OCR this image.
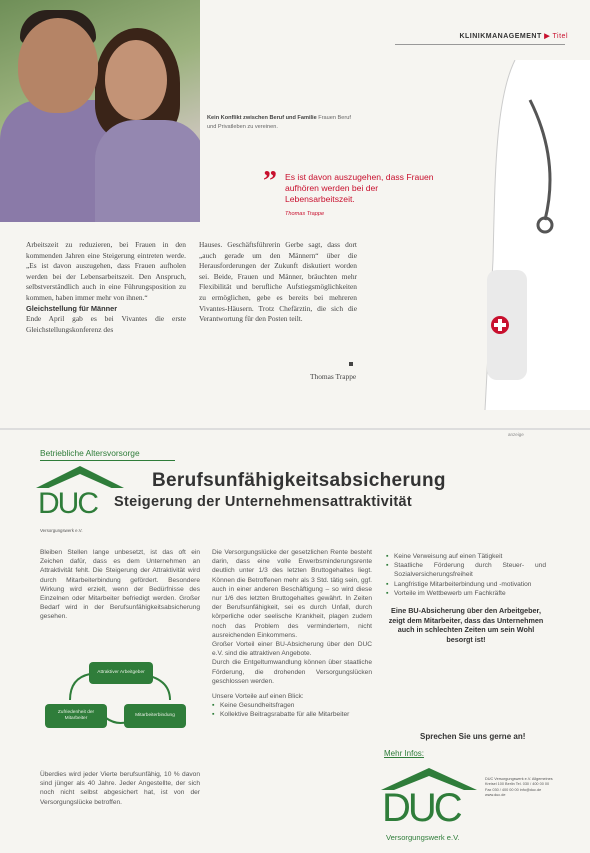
KLINIKMANAGEMENT ▶ Titel
Kein Konflikt zwischen Beruf und Familie Frauen Beruf und Privatleben zu vereinen.
” Es ist davon auszugehen, dass Frauen aufhören werden bei der Lebensarbeitszeit.
Thomas Trappe
Arbeitszeit zu reduzieren, bei Frauen in den kommenden Jahren eine Steigerung eintreten werde. „Es ist davon auszugehen, dass Frauen aufholen werden bei der Lebensarbeitszeit. Den Anspruch, selbstverständlich auch in eine Führungsposition zu kommen, haben immer mehr von ihnen.“
Gleichstellung für Männer
Ende April gab es bei Vivantes die erste Gleichstellungskonferenz des
Hauses. Geschäftsführerin Gerbe sagt, dass dort „auch gerade um den Männern“ über die Herausforderungen der Zukunft diskutiert worden sei. Beide, Frauen und Männer, bräuchten mehr Flexibilität und berufliche Aufstiegsmöglichkeiten zu ermöglichen, gebe es bereits bei mehreren Vivantes-Häusern. Trotz Chefärztin, die sich die Verantwortung für den Posten teilt.
Thomas Trappe
anzeige
Betriebliche Altersvorsorge
DUC
Versorgungswerk e.V.
Berufsunfähigkeitsabsicherung
Steigerung der Unternehmensattraktivität
Bleiben Stellen lange unbesetzt, ist das oft ein Zeichen dafür, dass es dem Unternehmen an Attraktivität fehlt. Die Steigerung der Attraktivität wird durch Mitarbeiterbindung gefördert. Besondere Wirkung wird erzielt, wenn der Bedürfnisse des Einzelnen oder Mitarbeiter befriedigt werden. Großer Bedarf wird in der Berufsunfähigkeitsabsicherung gesehen.
Attraktiver Arbeitgeber
Zufriedenheit der Mitarbeiter
Mitarbeiterbindung
Überdies wird jeder Vierte berufsunfähig, 10 % davon sind jünger als 40 Jahre. Jeder Angestellte, der sich noch nicht selbst abgesichert hat, ist von der Versorgungslücke betroffen.
Die Versorgungslücke der gesetzlichen Rente besteht darin, dass eine volle Erwerbsminderungsrente deutlich unter 1/3 des letzten Bruttogehaltes liegt. Können die Betroffenen mehr als 3 Std. tätig sein, ggf. auch in einer anderen Beschäftigung – so wird diese nur 1/6 des letzten Bruttogehaltes gewährt. In Zeiten der Berufsunfähigkeit, sei es durch Unfall, durch körperliche oder seelische Krankheit, plagen zudem noch das Problem des vermindertem, nicht ausreichenden Einkommens.
Großer Vorteil einer BU-Absicherung über den DUC e.V. sind die attraktiven Angebote.
Durch die Entgeltumwandlung können über staatliche Förderung, die drohenden Versorgungslücken geschlossen werden.
Unsere Vorteile auf einen Blick:
▪ Keine Gesundheitsfragen
▪ Kollektive Beitragsrabatte für alle Mitarbeiter
▪ Keine Verweisung auf einen Tätigkeit
▪ Staatliche Förderung durch Steuer- und Sozialversicherungsfreiheit
▪ Langfristige Mitarbeiterbindung und -motivation
▪ Vorteile im Wettbewerb um Fachkräfte
Eine BU-Absicherung über den Arbeitgeber, zeigt dem Mitarbeiter, dass das Unternehmen auch in schlechten Zeiten um sein Wohl besorgt ist!
Sprechen Sie uns gerne an!
Mehr Infos:
DUC
Versorgungswerk e.V.
DUC Versorgungswerk e.V. Allgemeines Kreisel 100 Berlin Tel. 030 / 400 00 00 Fax 030 / 400 00 00 info@duc.de www.duc.de
